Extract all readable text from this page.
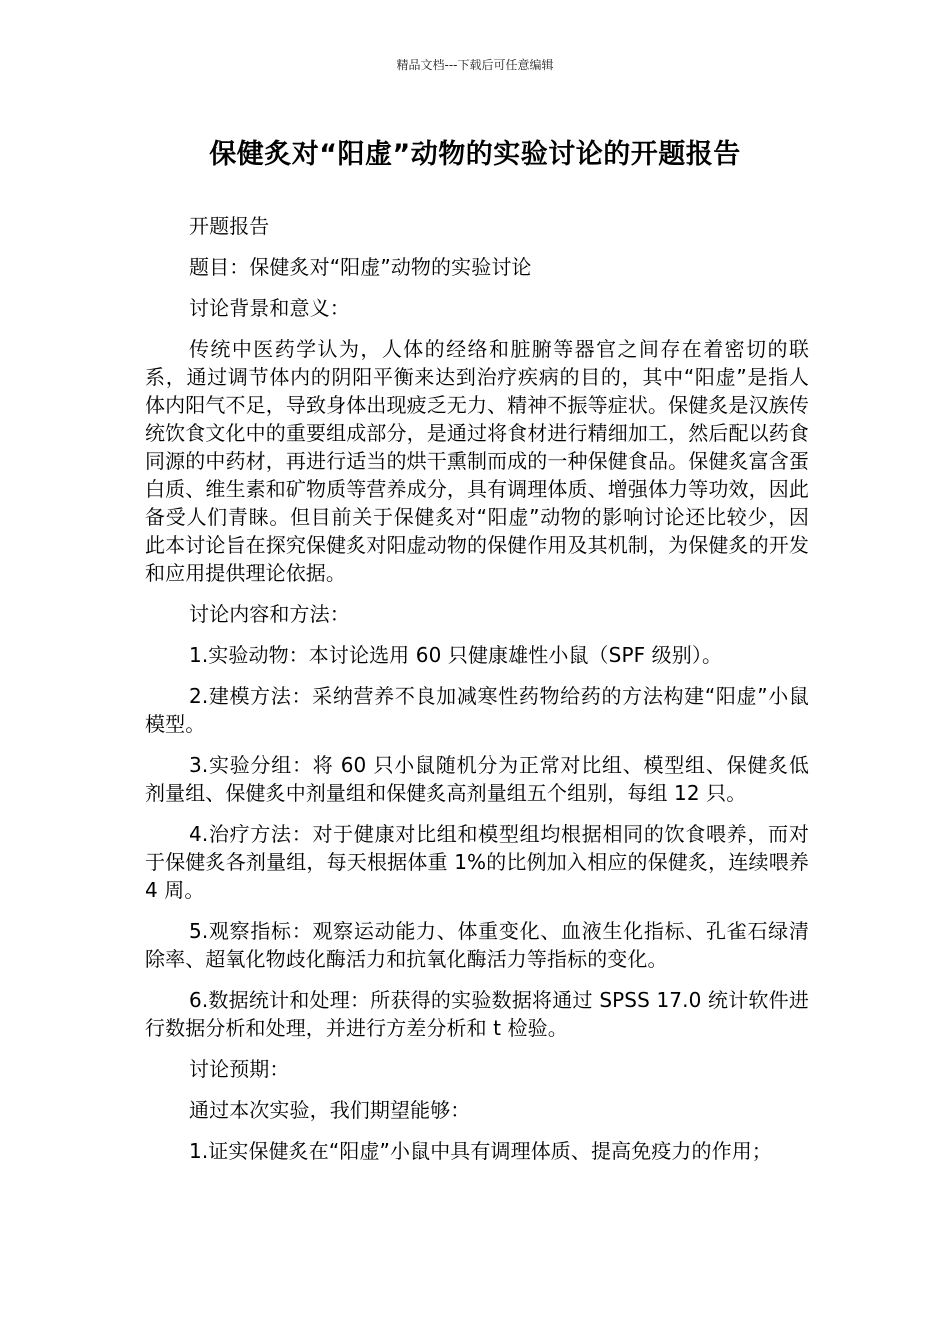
精品文档---下载后可任意编辑
保健炙对“阳虚”动物的实验讨论的开题报告

开题报告

题目：保健炙对“阳虚”动物的实验讨论

讨论背景和意义：

传统中医药学认为，人体的经络和脏腑等器官之间存在着密切的联系，通过调节体内的阴阳平衡来达到治疗疾病的目的，其中“阳虚”是指人体内阳气不足，导致身体出现疲乏无力、精神不振等症状。保健炙是汉族传统饮食文化中的重要组成部分，是通过将食材进行精细加工，然后配以药食同源的中药材，再进行适当的烘干熏制而成的一种保健食品。保健炙富含蛋白质、维生素和矿物质等营养成分，具有调理体质、增强体力等功效，因此备受人们青睐。但目前关于保健炙对“阳虚”动物的影响讨论还比较少，因此本讨论旨在探究保健炙对阳虚动物的保健作用及其机制，为保健炙的开发和应用提供理论依据。

讨论内容和方法：

1.实验动物：本讨论选用 60 只健康雄性小鼠（SPF 级别）。

2.建模方法：采纳营养不良加减寒性药物给药的方法构建“阳虚”小鼠模型。

3.实验分组：将 60 只小鼠随机分为正常对比组、模型组、保健炙低剂量组、保健炙中剂量组和保健炙高剂量组五个组别，每组 12 只。

4.治疗方法：对于健康对比组和模型组均根据相同的饮食喂养，而对于保健炙各剂量组，每天根据体重 1%的比例加入相应的保健炙，连续喂养 4 周。

5.观察指标：观察运动能力、体重变化、血液生化指标、孔雀石绿清除率、超氧化物歧化酶活力和抗氧化酶活力等指标的变化。

6.数据统计和处理：所获得的实验数据将通过 SPSS 17.0 统计软件进行数据分析和处理，并进行方差分析和 t 检验。

讨论预期：

通过本次实验，我们期望能够：

1.证实保健炙在“阳虚”小鼠中具有调理体质、提高免疫力的作用；
